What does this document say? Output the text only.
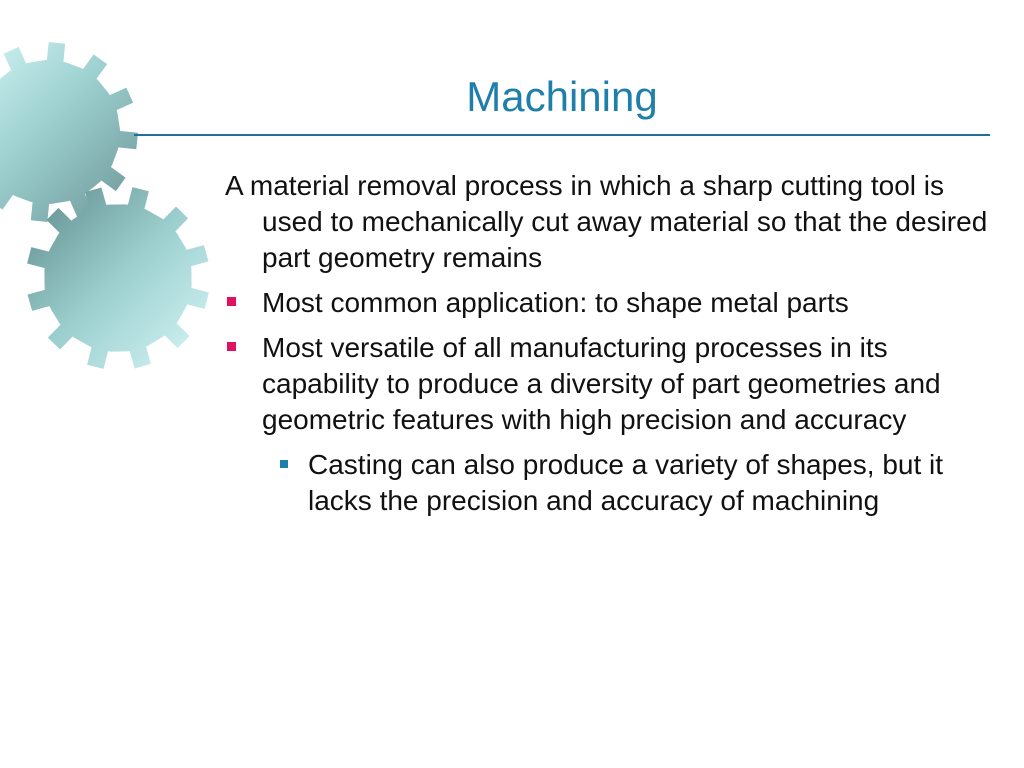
Machining

A material removal process in which a sharp cutting tool is used to mechanically cut away material so that the desired part geometry remains

Most common application: to shape metal parts
Most versatile of all manufacturing processes in its capability to produce a diversity of part geometries and geometric features with high precision and accuracy
Casting can also produce a variety of shapes, but it lacks the precision and accuracy of machining
